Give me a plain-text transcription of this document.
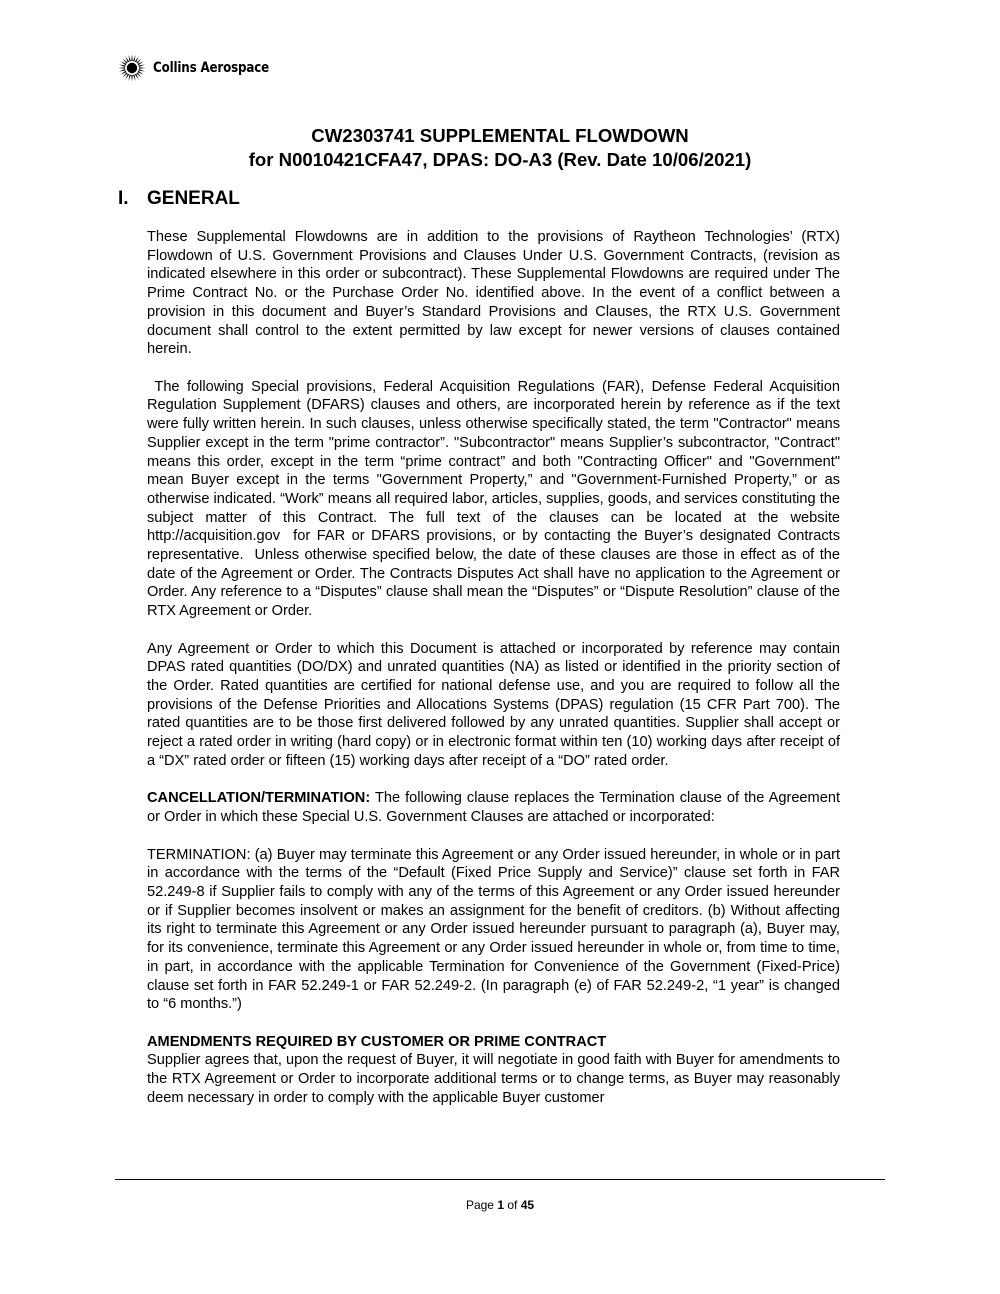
Collins Aerospace
CW2303741 SUPPLEMENTAL FLOWDOWN
for N0010421CFA47, DPAS: DO-A3 (Rev. Date 10/06/2021)
I. GENERAL

These Supplemental Flowdowns are in addition to the provisions of Raytheon Technologies’ (RTX) Flowdown of U.S. Government Provisions and Clauses Under U.S. Government Contracts, (revision as indicated elsewhere in this order or subcontract). These Supplemental Flowdowns are required under The Prime Contract No. or the Purchase Order No. identified above. In the event of a conflict between a provision in this document and Buyer’s Standard Provisions and Clauses, the RTX U.S. Government document shall control to the extent permitted by law except for newer versions of clauses contained herein.

The following Special provisions, Federal Acquisition Regulations (FAR), Defense Federal Acquisition Regulation Supplement (DFARS) clauses and others, are incorporated herein by reference as if the text were fully written herein. In such clauses, unless otherwise specifically stated, the term "Contractor" means Supplier except in the term "prime contractor”. "Subcontractor" means Supplier’s subcontractor, "Contract" means this order, except in the term “prime contract” and both "Contracting Officer" and "Government" mean Buyer except in the terms "Government Property,” and "Government-Furnished Property,” or as otherwise indicated. “Work” means all required labor, articles, supplies, goods, and services constituting the subject matter of this Contract. The full text of the clauses can be located at the website http://acquisition.gov  for FAR or DFARS provisions, or by contacting the Buyer’s designated Contracts representative.  Unless otherwise specified below, the date of these clauses are those in effect as of the date of the Agreement or Order. The Contracts Disputes Act shall have no application to the Agreement or Order. Any reference to a “Disputes” clause shall mean the “Disputes” or “Dispute Resolution” clause of the RTX Agreement or Order.

Any Agreement or Order to which this Document is attached or incorporated by reference may contain DPAS rated quantities (DO/DX) and unrated quantities (NA) as listed or identified in the priority section of the Order. Rated quantities are certified for national defense use, and you are required to follow all the provisions of the Defense Priorities and Allocations Systems (DPAS) regulation (15 CFR Part 700). The rated quantities are to be those first delivered followed by any unrated quantities. Supplier shall accept or reject a rated order in writing (hard copy) or in electronic format within ten (10) working days after receipt of a “DX” rated order or fifteen (15) working days after receipt of a “DO” rated order.

CANCELLATION/TERMINATION: The following clause replaces the Termination clause of the Agreement or Order in which these Special U.S. Government Clauses are attached or incorporated:

TERMINATION: (a) Buyer may terminate this Agreement or any Order issued hereunder, in whole or in part in accordance with the terms of the “Default (Fixed Price Supply and Service)” clause set forth in FAR 52.249-8 if Supplier fails to comply with any of the terms of this Agreement or any Order issued hereunder or if Supplier becomes insolvent or makes an assignment for the benefit of creditors. (b) Without affecting its right to terminate this Agreement or any Order issued hereunder pursuant to paragraph (a), Buyer may, for its convenience, terminate this Agreement or any Order issued hereunder in whole or, from time to time, in part, in accordance with the applicable Termination for Convenience of the Government (Fixed-Price) clause set forth in FAR 52.249-1 or FAR 52.249-2. (In paragraph (e) of FAR 52.249-2, “1 year” is changed to “6 months.”)

AMENDMENTS REQUIRED BY CUSTOMER OR PRIME CONTRACT

Supplier agrees that, upon the request of Buyer, it will negotiate in good faith with Buyer for amendments to the RTX Agreement or Order to incorporate additional terms or to change terms, as Buyer may reasonably deem necessary in order to comply with the applicable Buyer customer

Page 1 of 45
